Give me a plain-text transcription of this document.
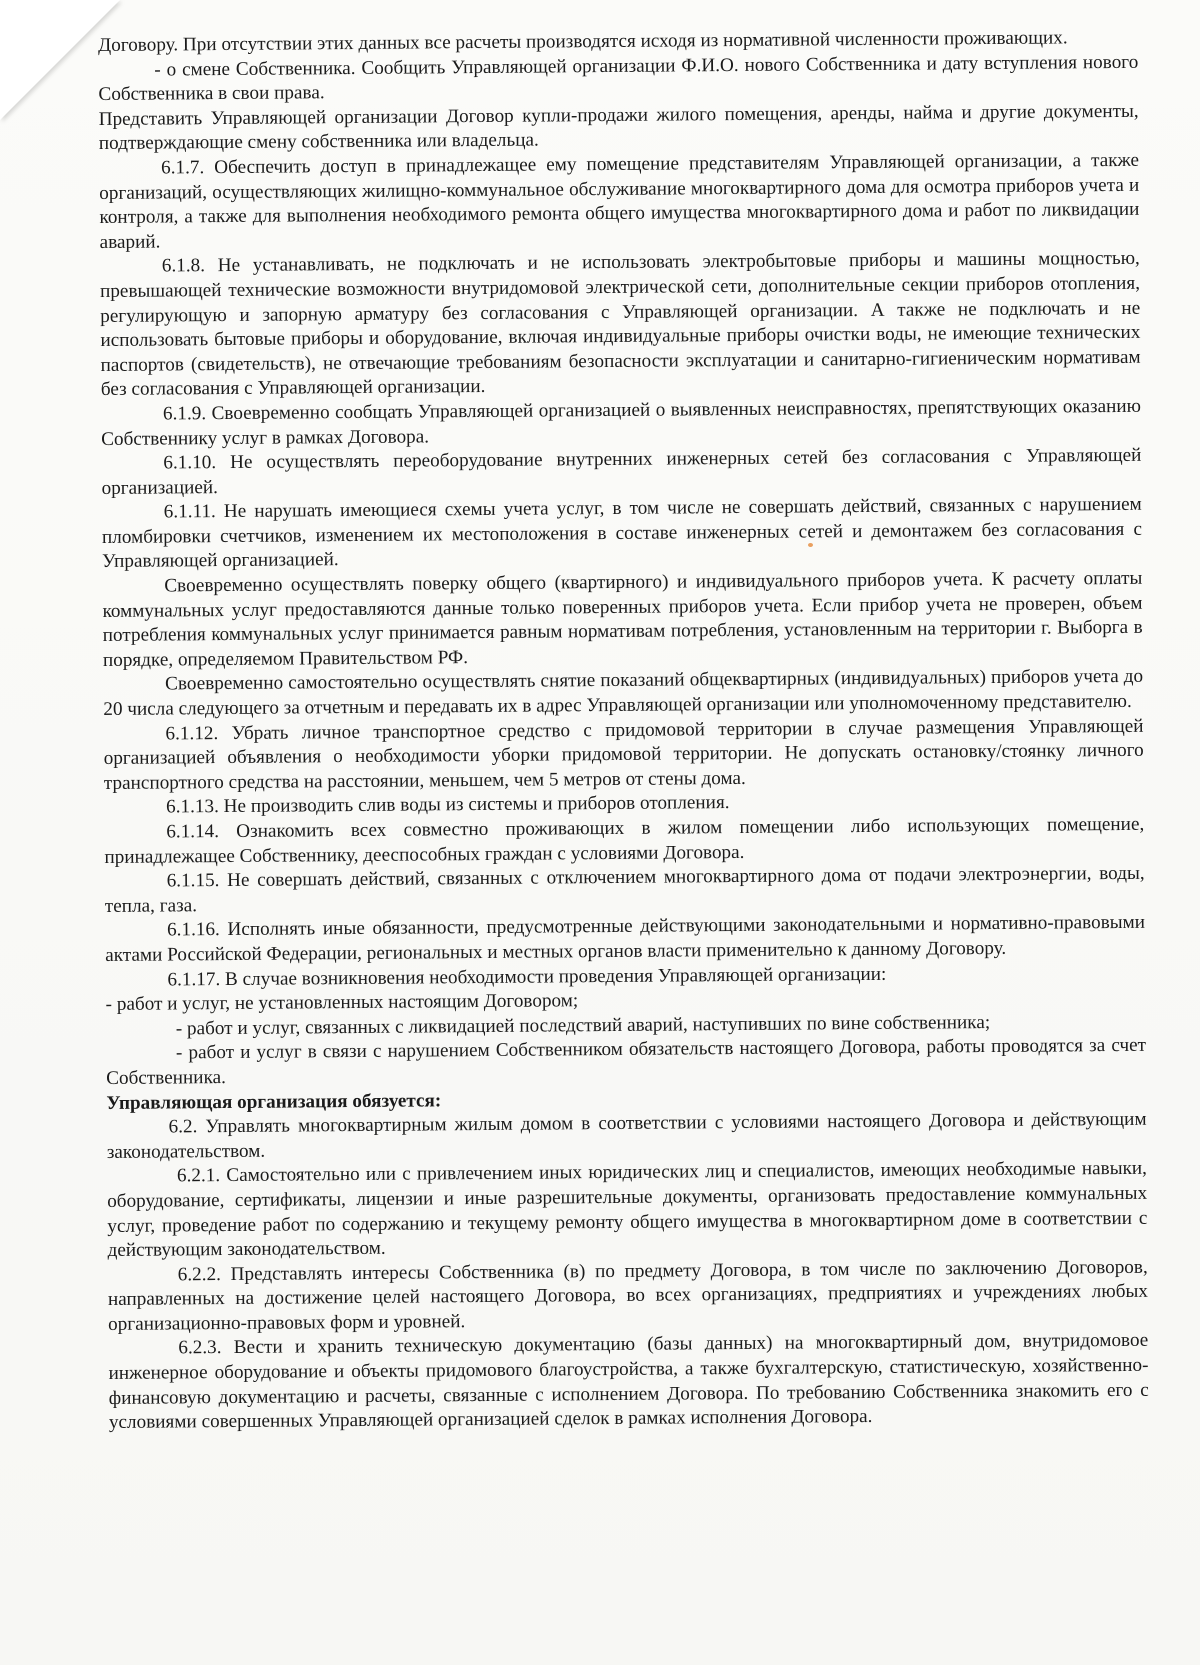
Договору. При отсутствии этих данных все расчеты производятся исходя из нормативной численности проживающих.

- о смене Собственника. Сообщить Управляющей организации Ф.И.О. нового Собственника и дату вступления нового Собственника в свои права.

Представить Управляющей организации Договор купли-продажи жилого помещения, аренды, найма и другие документы, подтверждающие смену собственника или владельца.

6.1.7. Обеспечить доступ в принадлежащее ему помещение представителям Управляющей организации, а также организаций, осуществляющих жилищно-коммунальное обслуживание многоквартирного дома для осмотра приборов учета и контроля, а также для выполнения необходимого ремонта общего имущества многоквартирного дома и работ по ликвидации аварий.

6.1.8. Не устанавливать, не подключать и не использовать электробытовые приборы и машины мощностью, превышающей технические возможности внутридомовой электрической сети, дополнительные секции приборов отопления, регулирующую и запорную арматуру без согласования с Управляющей организации. А также не подключать и не использовать бытовые приборы и оборудование, включая индивидуальные приборы очистки воды, не имеющие технических паспортов (свидетельств), не отвечающие требованиям безопасности эксплуатации и санитарно-гигиеническим нормативам без согласования с Управляющей организации.

6.1.9. Своевременно сообщать Управляющей организацией о выявленных неисправностях, препятствующих оказанию Собственнику услуг в рамках Договора.

6.1.10. Не осуществлять переоборудование внутренних инженерных сетей без согласования с Управляющей организацией.

6.1.11. Не нарушать имеющиеся схемы учета услуг, в том числе не совершать действий, связанных с нарушением пломбировки счетчиков, изменением их местоположения в составе инженерных сетей и демонтажем без согласования с Управляющей организацией.

Своевременно осуществлять поверку общего (квартирного) и индивидуального приборов учета. К расчету оплаты коммунальных услуг предоставляются данные только поверенных приборов учета. Если прибор учета не проверен, объем потребления коммунальных услуг принимается равным нормативам потребления, установленным на территории г. Выборга в порядке, определяемом Правительством РФ.

Своевременно самостоятельно осуществлять снятие показаний общеквартирных (индивидуальных) приборов учета до 20 числа следующего за отчетным и передавать их в адрес Управляющей организации или уполномоченному представителю.

6.1.12. Убрать личное транспортное средство с придомовой территории в случае размещения Управляющей организацией объявления о необходимости уборки придомовой территории. Не допускать остановку/стоянку личного транспортного средства на расстоянии, меньшем, чем 5 метров от стены дома.

6.1.13. Не производить слив воды из системы и приборов отопления.

6.1.14. Ознакомить всех совместно проживающих в жилом помещении либо использующих помещение, принадлежащее Собственнику, дееспособных граждан с условиями Договора.

6.1.15. Не совершать действий, связанных с отключением многоквартирного дома от подачи электроэнергии, воды, тепла, газа.

6.1.16. Исполнять иные обязанности, предусмотренные действующими законодательными и нормативно-правовыми актами Российской Федерации, региональных и местных органов власти применительно к данному Договору.

6.1.17. В случае возникновения необходимости проведения Управляющей организации:

- работ и услуг, не установленных настоящим Договором;

- работ и услуг, связанных с ликвидацией последствий аварий, наступивших по вине собственника;

- работ и услуг в связи с нарушением Собственником обязательств настоящего Договора, работы проводятся за счет Собственника.

Управляющая организация обязуется:

6.2. Управлять многоквартирным жилым домом в соответствии с условиями настоящего Договора и действующим законодательством.

6.2.1. Самостоятельно или с привлечением иных юридических лиц и специалистов, имеющих необходимые навыки, оборудование, сертификаты, лицензии и иные разрешительные документы, организовать предоставление коммунальных услуг, проведение работ по содержанию и текущему ремонту общего имущества в многоквартирном доме в соответствии с действующим законодательством.

6.2.2. Представлять интересы Собственника (в) по предмету Договора, в том числе по заключению Договоров, направленных на достижение целей настоящего Договора, во всех организациях, предприятиях и учреждениях любых организационно-правовых форм и уровней.

6.2.3. Вести и хранить техническую документацию (базы данных) на многоквартирный дом, внутридомовое инженерное оборудование и объекты придомового благоустройства, а также бухгалтерскую, статистическую, хозяйственно-финансовую документацию и расчеты, связанные с исполнением Договора. По требованию Собственника знакомить его с условиями совершенных Управляющей организацией сделок в рамках исполнения Договора.
